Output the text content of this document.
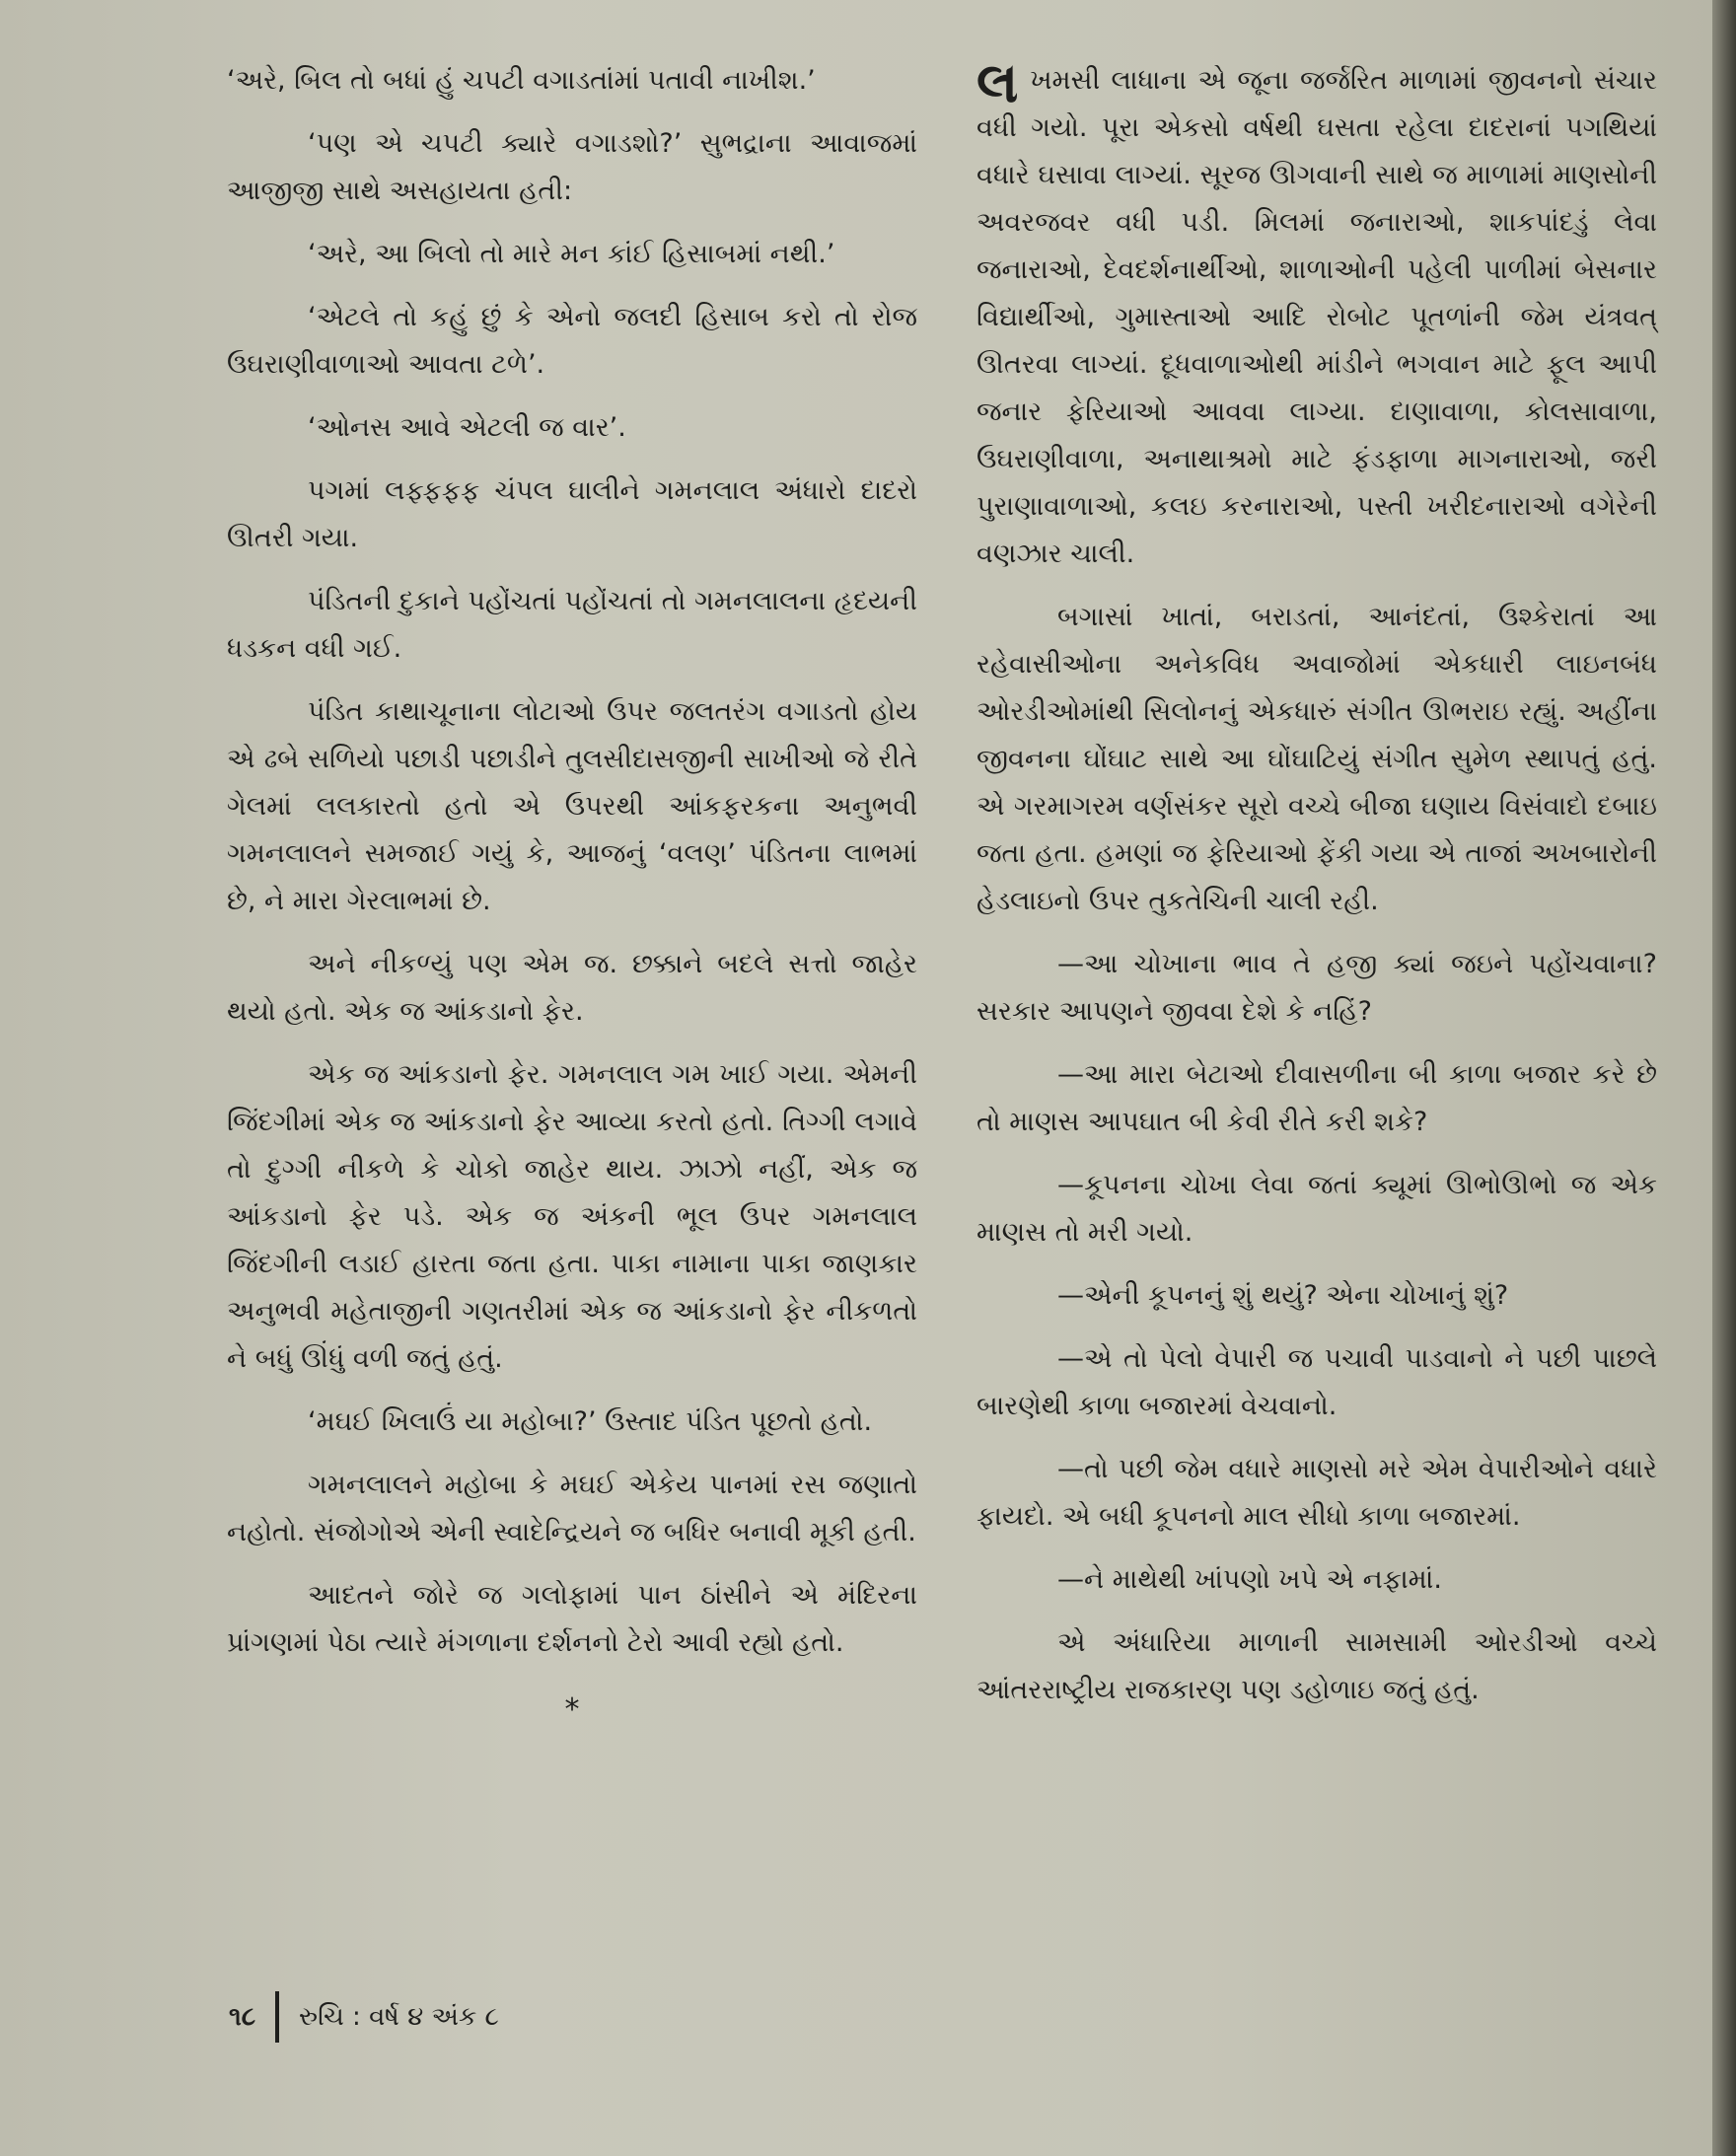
‘અરે, બિલ તો બધાં હું ચપટી વગાડતાંમાં પતાવી નાખીશ.’

‘પણ એ ચપટી ક્યારે વગાડશો?’ સુભદ્રાના આવાજમાં આજીજી સાથે અસહાયતા હતી:

‘અરે, આ બિલો તો મારે મન કાંઈ હિસાબમાં નથી.’

‘એટલે તો કહું છું કે એનો જલદી હિસાબ કરો તો રોજ ઉઘરાણીવાળાઓ આવતા ટળે’.

‘ઓનસ આવે એટલી જ વાર’.

પગમાં લફ્ફફફ ચંપલ ઘાલીને ગમનલાલ અંધારો દાદરો ઊતરી ગયા.

પંડિતની દુકાને પહોંચતાં પહોંચતાં તો ગમનલાલના હૃદયની ધડકન વધી ગઈ.

પંડિત કાથાચૂનાના લોટાઓ ઉપર જલતરંગ વગાડતો હોય એ ઢબે સળિયો પછાડી પછાડીને તુલસીદાસજીની સાખીઓ જે રીતે ગેલમાં લલકારતો હતો એ ઉપરથી આંકફરકના અનુભવી ગમનલાલને સમજાઈ ગયું કે, આજનું ‘વલણ’ પંડિતના લાભમાં છે, ને મારા ગેરલાભમાં છે.

અને નીકળ્યું પણ એમ જ. છક્કાને બદલે સત્તો જાહેર થયો હતો. એક જ આંકડાનો ફેર.

એક જ આંકડાનો ફેર. ગમનલાલ ગમ ખાઈ ગયા. એમની જિંદગીમાં એક જ આંકડાનો ફેર આવ્યા કરતો હતો. તિગ્ગી લગાવે તો દુગ્ગી નીકળે કે ચોકો જાહેર થાય. ઝાઝો નહીં, એક જ આંકડાનો ફેર પડે. એક જ અંકની ભૂલ ઉપર ગમનલાલ જિંદગીની લડાઈ હારતા જતા હતા. પાકા નામાના પાકા જાણકાર અનુભવી મહેતાજીની ગણતરીમાં એક જ આંકડાનો ફેર નીકળતો ને બધું ઊંધું વળી જતું હતું.

‘મઘઈ ખિલાઉં યા મહોબા?’ ઉસ્તાદ પંડિત પૂછતો હતો.

ગમનલાલને મહોબા કે મઘઈ એકેય પાનમાં રસ જણાતો નહોતો. સંજોગોએ એની સ્વાદેન્દ્રિયને જ બધિર બનાવી મૂકી હતી.

આદતને જોરે જ ગલોફામાં પાન ઠાંસીને એ મંદિરના પ્રાંગણમાં પેઠા ત્યારે મંગળાના દર્શનનો ટેરો આવી રહ્યો હતો.

*

લખમસી લાધાના એ જૂના જર્જરિત માળામાં જીવનનો સંચાર વધી ગયો. પૂરા એકસો વર્ષથી ઘસતા રહેલા દાદરાનાં પગથિયાં વધારે ઘસાવા લાગ્યાં. સૂરજ ઊગવાની સાથે જ માળામાં માણસોની અવરજવર વધી પડી. મિલમાં જનારાઓ, શાકપાંદડું લેવા જનારાઓ, દેવદર્શનાર્થીઓ, શાળાઓની પહેલી પાળીમાં બેસનાર વિદ્યાર્થીઓ, ગુમાસ્તાઓ આદિ રોબોટ પૂતળાંની જેમ યંત્રવત્ ઊતરવા લાગ્યાં. દૂધવાળાઓથી માંડીને ભગવાન માટે ફૂલ આપી જનાર ફેરિયાઓ આવવા લાગ્યા. દાણાવાળા, કોલસાવાળા, ઉઘરાણીવાળા, અનાથાશ્રમો માટે ફંડફાળા માગનારાઓ, જરી પુરાણાવાળાઓ, કલઇ કરનારાઓ, પસ્તી ખરીદનારાઓ વગેરેની વણઝાર ચાલી.

બગાસાં ખાતાં, બરાડતાં, આનંદતાં, ઉશ્કેરાતાં આ રહેવાસીઓના અનેકવિધ અવાજોમાં એકધારી લાઇનબંધ ઓરડીઓમાંથી સિલોનનું એકધારું સંગીત ઊભરાઇ રહ્યું. અહીંના જીવનના ઘોંઘાટ સાથે આ ઘોંઘાટિયું સંગીત સુમેળ સ્થાપતું હતું. એ ગરમાગરમ વર્ણસંકર સૂરો વચ્ચે બીજા ઘણાય વિસંવાદો દબાઇ જતા હતા. હમણાં જ ફેરિયાઓ ફેંકી ગયા એ તાજાં અખબારોની હેડલાઇનો ઉપર તુકતેચિની ચાલી રહી.

—આ ચોખાના ભાવ તે હજી ક્યાં જઇને પહોંચવાના? સરકાર આપણને જીવવા દેશે કે નહિં?

—આ મારા બેટાઓ દીવાસળીના બી કાળા બજાર કરે છે તો માણસ આપઘાત બી કેવી રીતે કરી શકે?

—કૂપનના ચોખા લેવા જતાં ક્યૂમાં ઊભોઊભો જ એક માણસ તો મરી ગયો.

—એની કૂપનનું શું થયું? એના ચોખાનું શું?

—એ તો પેલો વેપારી જ પચાવી પાડવાનો ને પછી પાછલે બારણેથી કાળા બજારમાં વેચવાનો.

—તો પછી જેમ વધારે માણસો મરે એમ વેપારીઓને વધારે ફાયદો. એ બધી કૂપનનો માલ સીધો કાળા બજારમાં.

—ને માથેથી ખાંપણો ખપે એ નફામાં.

એ અંધારિયા માળાની સામસામી ઓરડીઓ વચ્ચે આંતરરાષ્ટ્રીય રાજકારણ પણ ડહોળાઇ જતું હતું.

૧૮ રુચિ : વર્ષ ૪ અંક ૮
